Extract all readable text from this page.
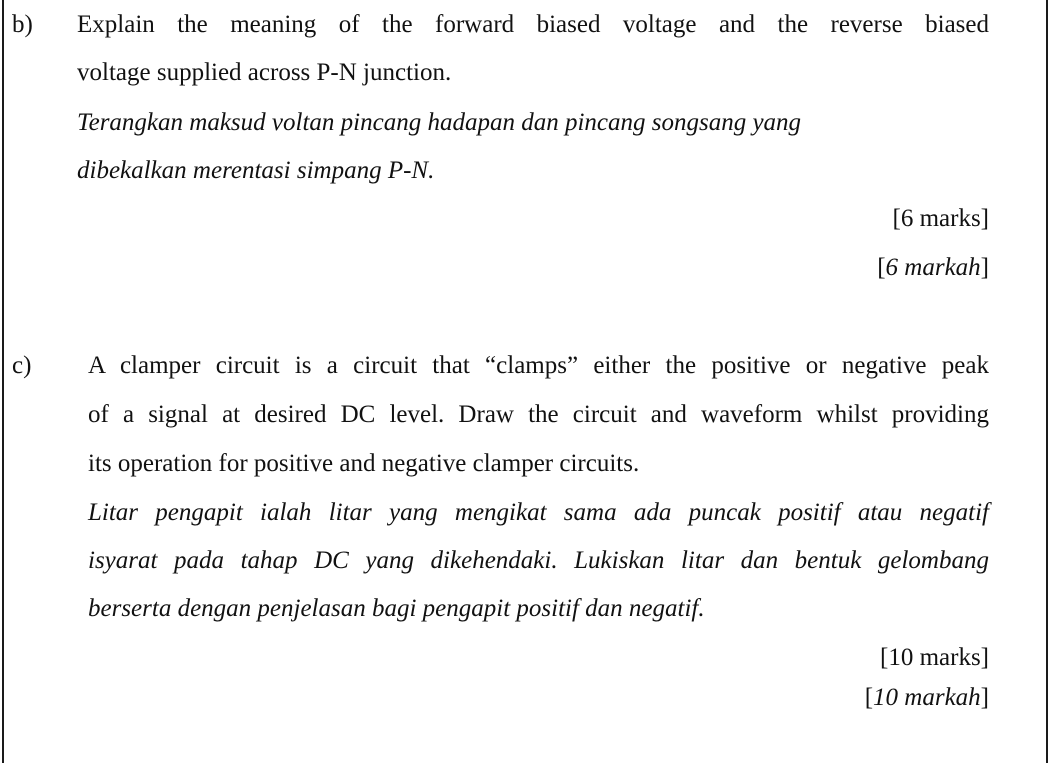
b) Explain the meaning of the forward biased voltage and the reverse biased
voltage supplied across P-N junction.
Terangkan maksud voltan pincang hadapan dan pincang songsang yang
dibekalkan merentasi simpang P-N.
[6 marks]
[6 markah]
c) A clamper circuit is a circuit that “clamps” either the positive or negative peak
of a signal at desired DC level. Draw the circuit and waveform whilst providing
its operation for positive and negative clamper circuits.
Litar pengapit ialah litar yang mengikat sama ada puncak positif atau negatif
isyarat pada tahap DC yang dikehendaki. Lukiskan litar dan bentuk gelombang
berserta dengan penjelasan bagi pengapit positif dan negatif.
[10 marks]
[10 markah]
